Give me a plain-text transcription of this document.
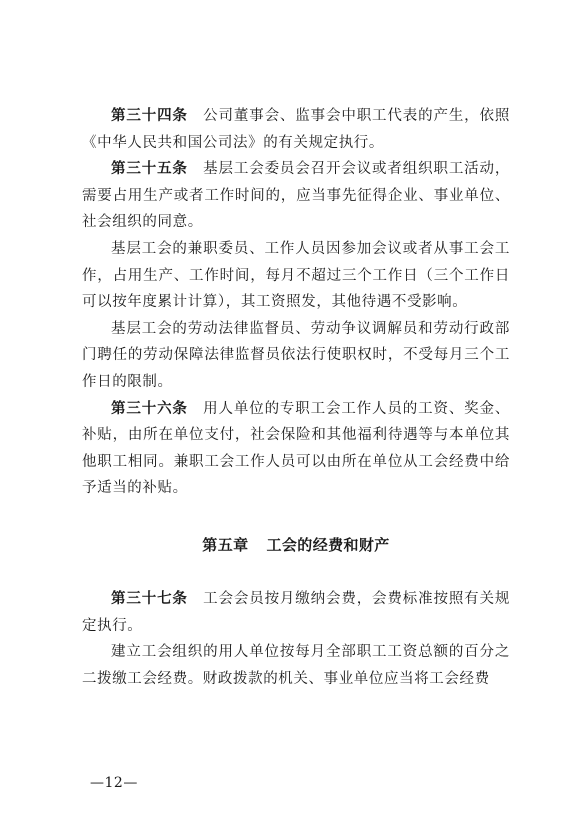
第三十四条　 公司董事会、监事会中职工代表的产生，依照《中华人民共和国公司法》的有关规定执行。

第三十五条　 基层工会委员会召开会议或者组织职工活动，需要占用生产或者工作时间的，应当事先征得企业、事业单位、社会组织的同意。

基层工会的兼职委员、工作人员因参加会议或者从事工会工作，占用生产、工作时间，每月不超过三个工作日（三个工作日可以按年度累计计算），其工资照发，其他待遇不受影响。

基层工会的劳动法律监督员、劳动争议调解员和劳动行政部门聘任的劳动保障法律监督员依法行使职权时，不受每月三个工作日的限制。

第三十六条　 用人单位的专职工会工作人员的工资、奖金、补贴，由所在单位支付，社会保险和其他福利待遇等与本单位其他职工相同。兼职工会工作人员可以由所在单位从工会经费中给予适当的补贴。

第五章 工会的经费和财产

第三十七条　 工会会员按月缴纳会费，会费标准按照有关规定执行。

建立工会组织的用人单位按每月全部职工工资总额的百分之二拨缴工会经费。财政拨款的机关、事业单位应当将工会经费

—12—
